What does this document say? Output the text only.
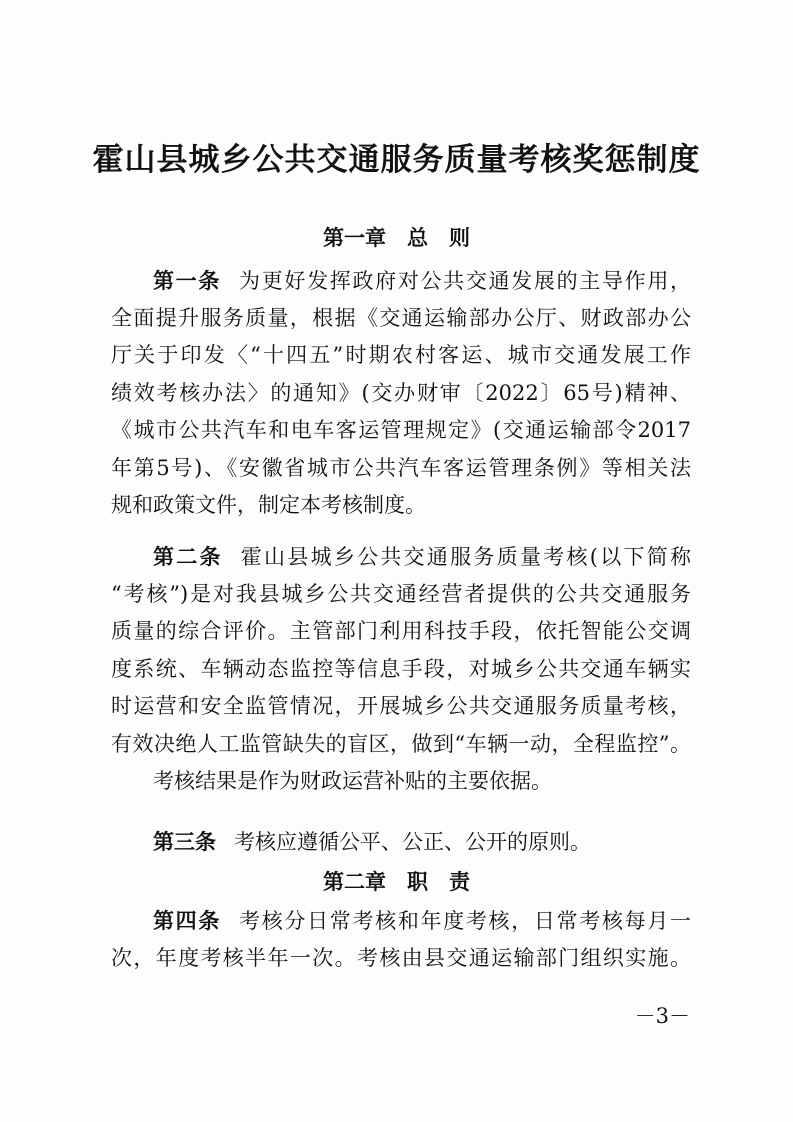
霍山县城乡公共交通服务质量考核奖惩制度
第一章　总　则
第一条 为更好发挥政府对公共交通发展的主导作用，
全面提升服务质量，根据《交通运输部办公厅、财政部办公
厅关于印发〈“十四五”时期农村客运、城市交通发展工作
绩效考核办法〉的通知》(交办财审〔2022〕65号)精神、
《城市公共汽车和电车客运管理规定》(交通运输部令2017
年第5号)、《安徽省城市公共汽车客运管理条例》等相关法
规和政策文件，制定本考核制度。
第二条 霍山县城乡公共交通服务质量考核(以下简称
“考核”)是对我县城乡公共交通经营者提供的公共交通服务
质量的综合评价。主管部门利用科技手段，依托智能公交调
度系统、车辆动态监控等信息手段，对城乡公共交通车辆实
时运营和安全监管情况，开展城乡公共交通服务质量考核，
有效决绝人工监管缺失的盲区，做到“车辆一动，全程监控”。
考核结果是作为财政运营补贴的主要依据。
第三条 考核应遵循公平、公正、公开的原则。
第二章　职　责
第四条 考核分日常考核和年度考核，日常考核每月一
次，年度考核半年一次。考核由县交通运输部门组织实施。
－3－
